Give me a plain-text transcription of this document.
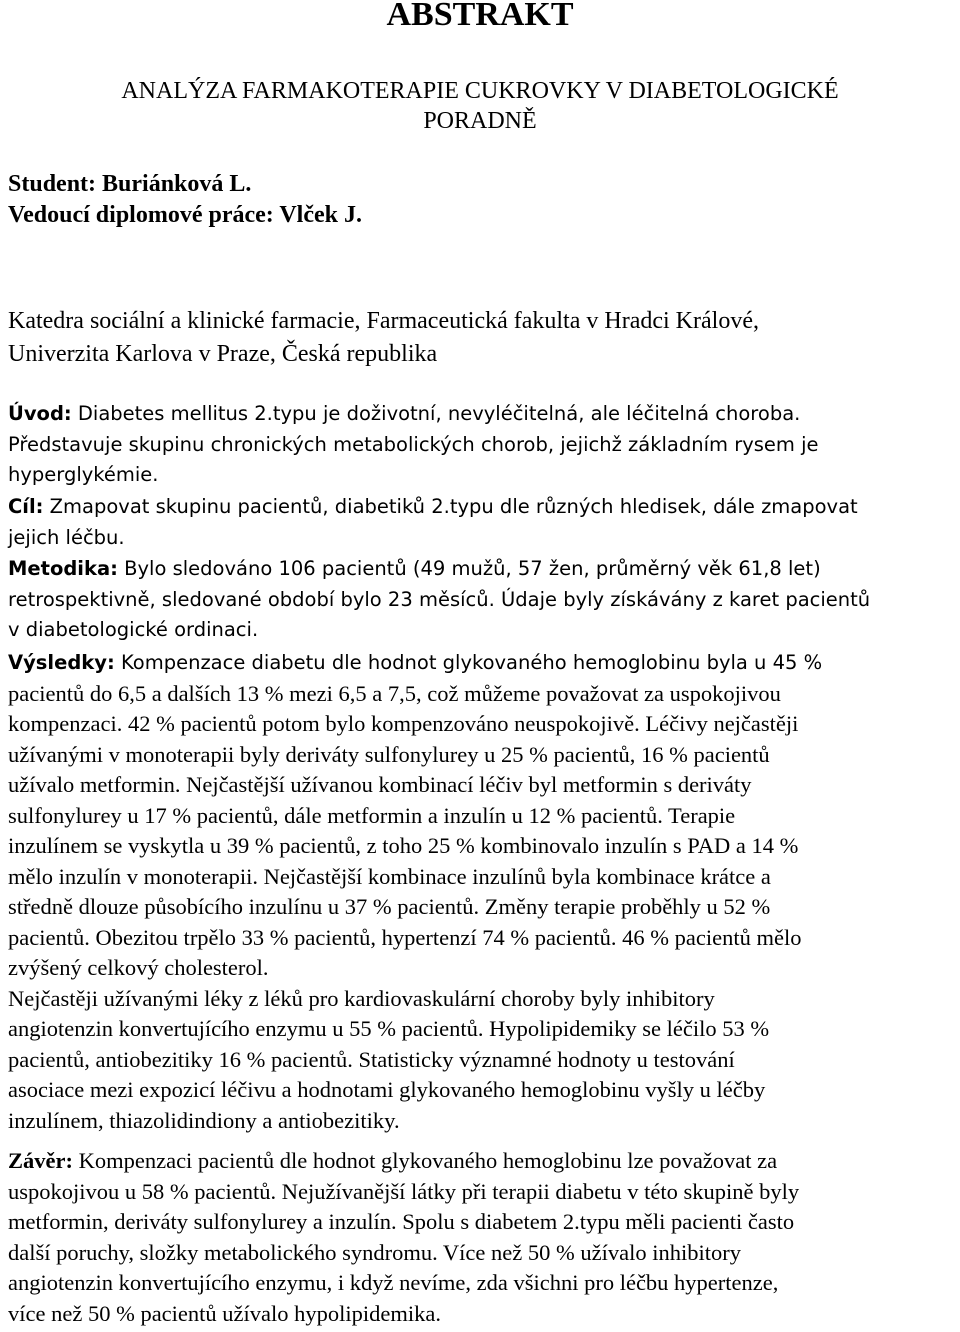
ABSTRAKT
ANALÝZA FARMAKOTERAPIE CUKROVKY V DIABETOLOGICKÉ
PORADNĚ
Student: Buriánková L.
Vedoucí diplomové práce: Vlček J.
Katedra sociální a klinické farmacie, Farmaceutická fakulta v Hradci Králové,
Univerzita Karlova v Praze, Česká republika
Úvod: Diabetes mellitus 2.typu je doživotní, nevyléčitelná, ale léčitelná choroba.
Představuje skupinu chronických metabolických chorob, jejichž základním rysem je
hyperglykémie.
Cíl: Zmapovat skupinu pacientů, diabetiků 2.typu dle různých hledisek, dále zmapovat
jejich léčbu.
Metodika: Bylo sledováno 106 pacientů (49 mužů, 57 žen, průměrný věk 61,8 let)
retrospektivně, sledované období bylo 23 měsíců. Údaje byly získávány z karet pacientů
v diabetologické ordinaci.
Výsledky: Kompenzace diabetu dle hodnot glykovaného hemoglobinu byla u 45 %
pacientů do 6,5 a dalších 13 % mezi 6,5 a 7,5, což můžeme považovat za uspokojivou
kompenzaci. 42 % pacientů potom bylo kompenzováno neuspokojivě. Léčivy nejčastěji
užívanými v monoterapii byly deriváty sulfonylurey u 25 % pacientů, 16 % pacientů
užívalo metformin. Nejčastější užívanou kombinací léčiv byl metformin s deriváty
sulfonylurey u 17 % pacientů, dále metformin a inzulín u 12 % pacientů. Terapie
inzulínem se vyskytla u 39 % pacientů, z toho 25 % kombinovalo inzulín s PAD a 14 %
mělo inzulín v monoterapii. Nejčastější kombinace inzulínů byla kombinace krátce a
středně dlouze působícího inzulínu u 37 % pacientů. Změny terapie proběhly u 52 %
pacientů. Obezitou trpělo 33 % pacientů, hypertenzí 74 % pacientů. 46 % pacientů mělo
zvýšený celkový cholesterol.
Nejčastěji užívanými léky z léků pro kardiovaskulární choroby byly inhibitory
angiotenzin konvertujícího enzymu u 55 % pacientů. Hypolipidemiky se léčilo 53 %
pacientů, antiobezitiky 16 % pacientů. Statisticky významné hodnoty u testování
asociace mezi expozicí léčivu a hodnotami glykovaného hemoglobinu vyšly u léčby
inzulínem, thiazolidindiony a antiobezitiky.
Závěr: Kompenzaci pacientů dle hodnot glykovaného hemoglobinu lze považovat za
uspokojivou u 58 % pacientů. Nejužívanější látky při terapii diabetu v této skupině byly
metformin, deriváty sulfonylurey a inzulín. Spolu s diabetem 2.typu měli pacienti často
další poruchy, složky metabolického syndromu. Více než 50 % užívalo inhibitory
angiotenzin konvertujícího enzymu, i když nevíme, zda všichni pro léčbu hypertenze,
více než 50 % pacientů užívalo hypolipidemika.
